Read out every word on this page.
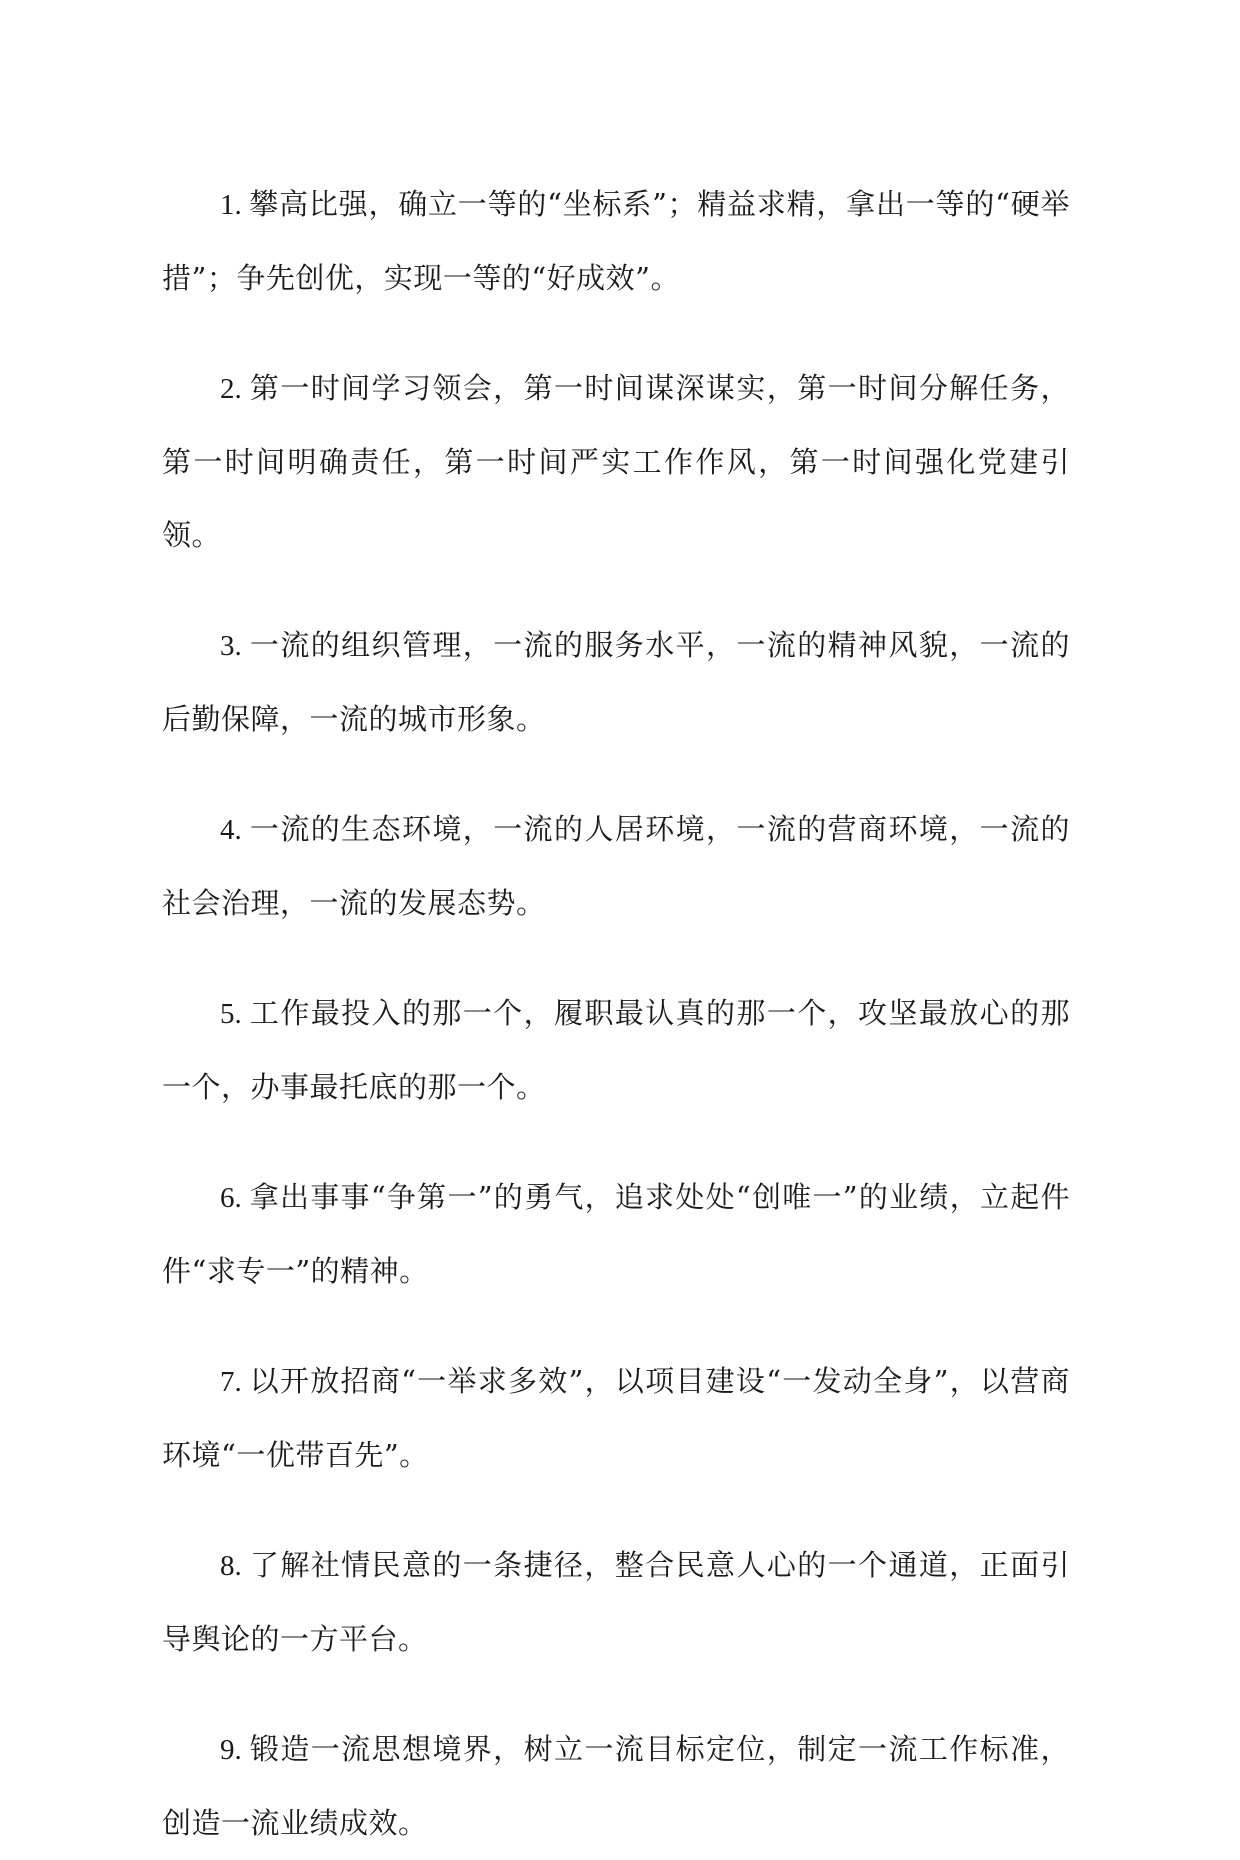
1. 攀高比强，确立一等的“坐标系”；精益求精，拿出一等的“硬举措”；争先创优，实现一等的“好成效”。

2. 第一时间学习领会，第一时间谋深谋实，第一时间分解任务，第一时间明确责任，第一时间严实工作作风，第一时间强化党建引领。

3. 一流的组织管理，一流的服务水平，一流的精神风貌，一流的后勤保障，一流的城市形象。

4. 一流的生态环境，一流的人居环境，一流的营商环境，一流的社会治理，一流的发展态势。

5. 工作最投入的那一个，履职最认真的那一个，攻坚最放心的那一个，办事最托底的那一个。

6. 拿出事事“争第一”的勇气，追求处处“创唯一”的业绩，立起件件“求专一”的精神。

7. 以开放招商“一举求多效”，以项目建设“一发动全身”，以营商环境“一优带百先”。

8. 了解社情民意的一条捷径，整合民意人心的一个通道，正面引导舆论的一方平台。

9. 锻造一流思想境界，树立一流目标定位，制定一流工作标准，创造一流业绩成效。
